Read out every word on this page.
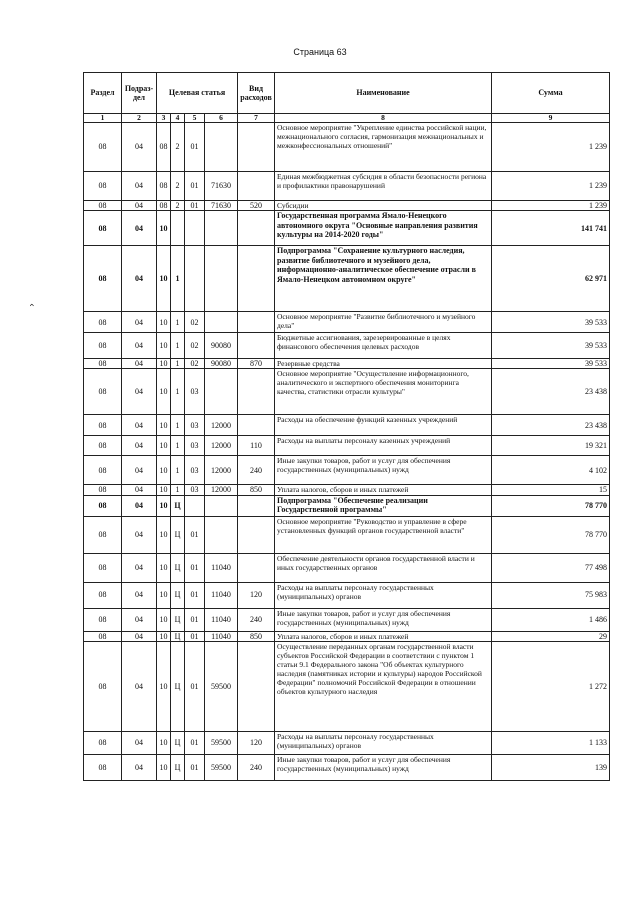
Страница 63
‹
Раздел	Подраз-дел	Целевая статья				Вид расходов	Наименование	Сумма
1	2	3	4	5	6	7	8	9
08	04	08	2	01			Основное мероприятие "Укрепление единства российской нации, межнационального согласия, гармонизация межнациональных и межконфессиональных отношений"	1 239
08	04	08	2	01	71630		Единая межбюджетная субсидия в области безопасности региона и профилактики правонарушений	1 239
08	04	08	2	01	71630	520	Субсидии	1 239
08	04	10					Государственная программа Ямало-Ненецкого автономного округа "Основные направления развития культуры на 2014-2020 годы"	141 741
08	04	10	1				Подпрограмма "Сохранение культурного наследия, развитие библиотечного и музейного дела, информационно-аналитическое обеспечение отрасли в Ямало-Ненецком автономном округе"	62 971
08	04	10	1	02			Основное мероприятие "Развитие библиотечного и музейного дела"	39 533
08	04	10	1	02	90080		Бюджетные ассигнования, зарезервированные в целях финансового обеспечения целевых расходов	39 533
08	04	10	1	02	90080	870	Резервные средства	39 533
08	04	10	1	03			Основное мероприятие "Осуществление информационного, аналитического и экспертного обеспечения мониторинга качества, статистики отрасли культуры"	23 438
08	04	10	1	03	12000		Расходы на обеспечение функций казенных учреждений	23 438
08	04	10	1	03	12000	110	Расходы на выплаты персоналу казенных учреждений	19 321
08	04	10	1	03	12000	240	Иные закупки товаров, работ и услуг для обеспечения государственных (муниципальных) нужд	4 102
08	04	10	1	03	12000	850	Уплата налогов, сборов и иных платежей	15
08	04	10	Ц				Подпрограмма "Обеспечение реализации Государственной программы"	78 770
08	04	10	Ц	01			Основное мероприятие "Руководство и управление в сфере установленных функций органов государственной власти"	78 770
08	04	10	Ц	01	11040		Обеспечение деятельности органов государственной власти и иных государственных органов	77 498
08	04	10	Ц	01	11040	120	Расходы на выплаты персоналу государственных (муниципальных) органов	75 983
08	04	10	Ц	01	11040	240	Иные закупки товаров, работ и услуг для обеспечения государственных (муниципальных) нужд	1 486
08	04	10	Ц	01	11040	850	Уплата налогов, сборов и иных платежей	29
08	04	10	Ц	01	59500		Осуществление переданных органам государственной власти субъектов Российской Федерации в соответствии с пунктом 1 статьи 9.1 Федерального закона "Об объектах культурного наследия (памятниках истории и культуры) народов Российской Федерации" полномочий Российской Федерации в отношении объектов культурного наследия	1 272
08	04	10	Ц	01	59500	120	Расходы на выплаты персоналу государственных (муниципальных) органов	1 133
08	04	10	Ц	01	59500	240	Иные закупки товаров, работ и услуг для обеспечения государственных (муниципальных) нужд	139
